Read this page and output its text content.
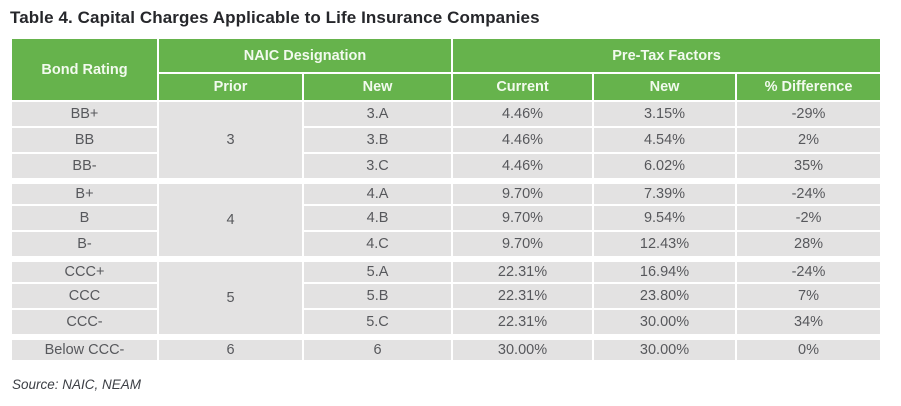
Table 4. Capital Charges Applicable to Life Insurance Companies
Bond Rating	NAIC Designation		Pre-Tax Factors		
	Prior	New	Current	New	% Difference
BB+	3	3.A	4.46%	3.15%	-29%
BB		3.B	4.46%	4.54%	2%
BB-		3.C	4.46%	6.02%	35%
B+	4	4.A	9.70%	7.39%	-24%
B		4.B	9.70%	9.54%	-2%
B-		4.C	9.70%	12.43%	28%
CCC+	5	5.A	22.31%	16.94%	-24%
CCC		5.B	22.31%	23.80%	7%
CCC-		5.C	22.31%	30.00%	34%
Below CCC-	6	6	30.00%	30.00%	0%
Source: NAIC, NEAM
